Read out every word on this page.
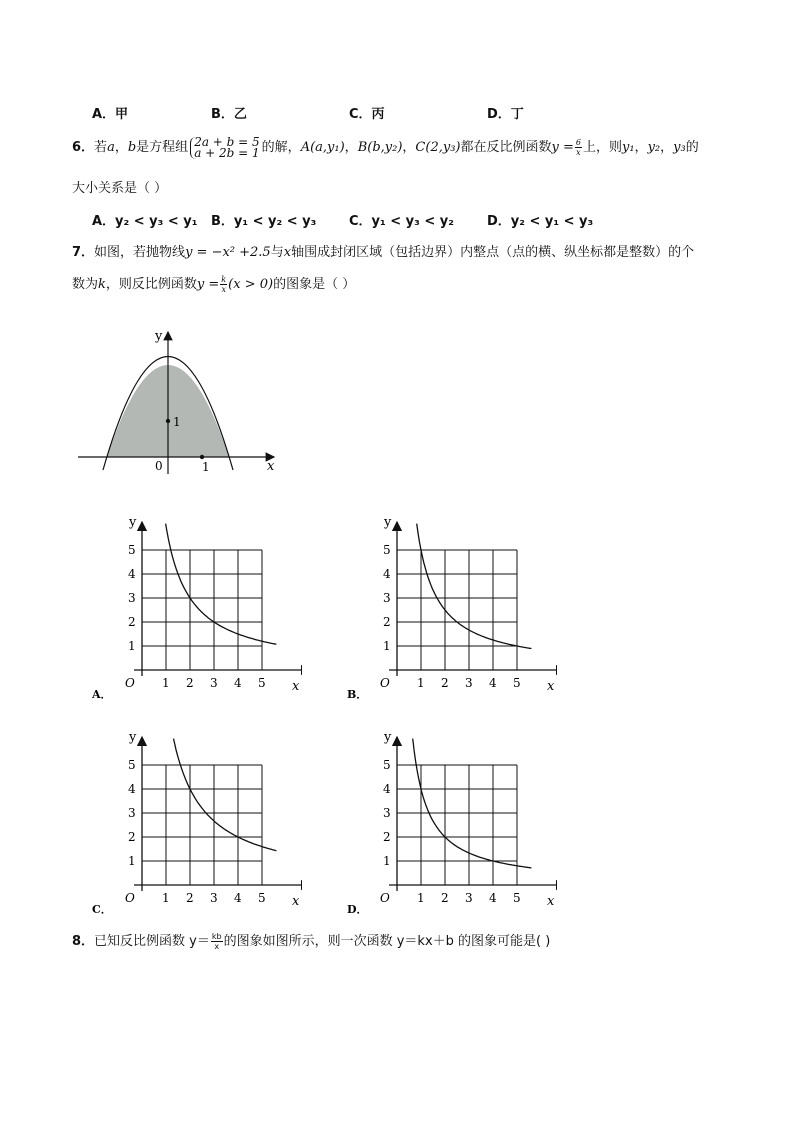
A．甲	B．乙	C．丙	D．丁
6．若a，b是方程组 2a + b = 5
a + 2b = 1 的解，A(a,y₁)，B(b,y₂)，C(2,y₃)都在反比例函数$y = \frac{6}{x}$ 上，则y₁，y₂，y₃的
大小关系是（ ）
A．y₂ < y₃ < y₁ B．y₁ < y₂ < y₃	C．y₁ < y₃ < y₂	D．y₂ < y₁ < y₃
7．如图，若抛物线y = −x² +2.5与x轴围成封闭区域（包括边界）内整点（点的横、纵坐标都是整数）的个
数为k，则反比例函数$y = \frac{k}{x} (x > 0)$的图象是（ ）
y
x
0
1
1
1
1
2
2
3
3
4
4
5
5
O
y
x
A．
1
1
2
2
3
3
4
4
5
5
O
y
x
B．
1
1
2
2
3
3
4
4
5
5
O
y
x
C．
1
1
2
2
3
3
4
4
5
5
O
y
x
D．
8．已知反比例函数 $y= \frac{kb}{x}$ 的图象如图所示，则一次函数 y＝kx＋b 的图象可能是( )
